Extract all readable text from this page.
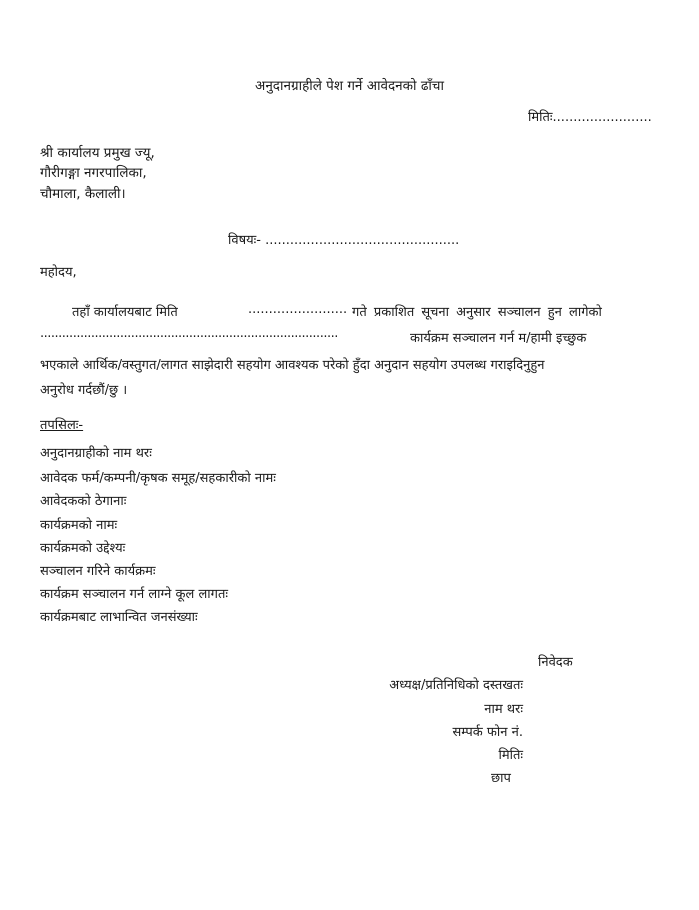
अनुदानग्राहीले पेश गर्ने आवेदनको ढाँचा
मितिः........................
श्री कार्यालय प्रमुख ज्यू,
गौरीगङ्गा नगरपालिका,
चौमाला, कैलाली।
विषयः- ...............................................
महोदय,
तहाँ कार्यालयबाट मिति	........................ गते प्रकाशित सूचना अनुसार सञ्चालन हुन लागेको
..................................................................................	कार्यक्रम सञ्चालन गर्न म/हामी इच्छुक
भएकाले आर्थिक/वस्तुगत/लागत साझेदारी सहयोग आवश्यक परेको हुँदा अनुदान सहयोग उपलब्ध गराइदिनुहुन
अनुरोध गर्दछौं/छु ।
तपसिलः-
अनुदानग्राहीको नाम थरः
आवेदक फर्म/कम्पनी/कृषक समूह/सहकारीको नामः
आवेदकको ठेगानाः
कार्यक्रमको नामः
कार्यक्रमको उद्देश्यः
सञ्चालन गरिने कार्यक्रमः
कार्यक्रम सञ्चालन गर्न लाग्ने कूल लागतः
कार्यक्रमबाट लाभान्वित जनसंख्याः
निवेदक
अध्यक्ष/प्रतिनिधिको दस्तखतः
नाम थरः
सम्पर्क फोन नं.
मितिः
छाप
